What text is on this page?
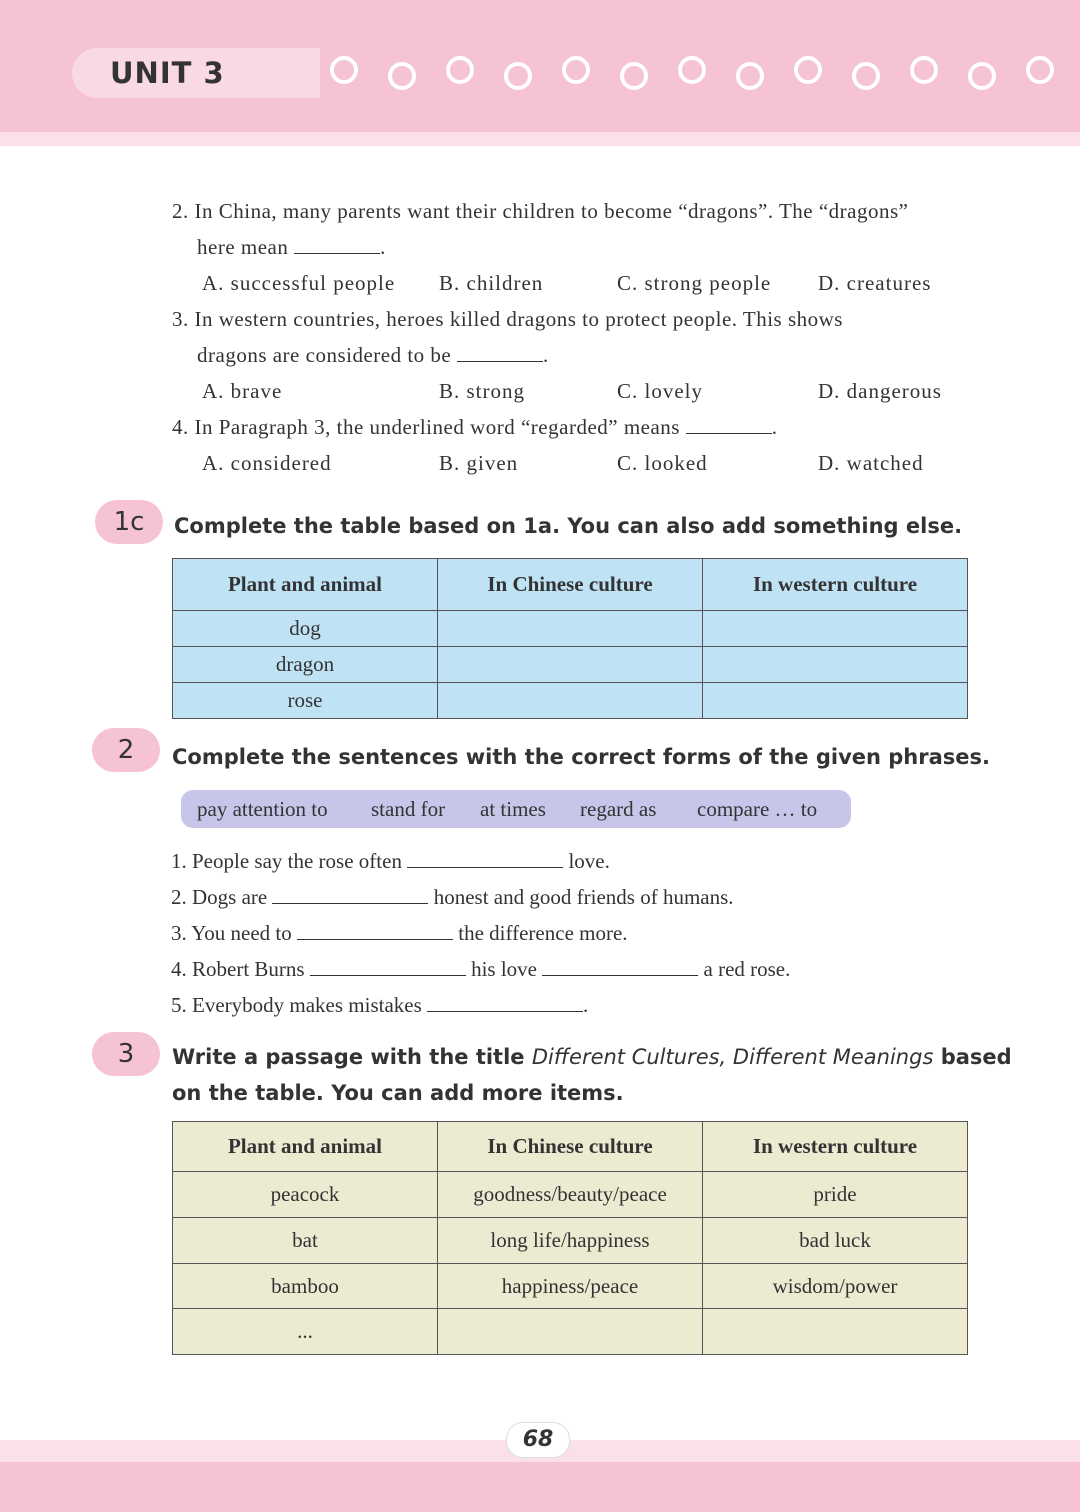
UNIT 3
2. In China, many parents want their children to become “dragons”. The “dragons”
here mean	.
A. successful people B. children	C. strong people D. creatures
3. In western countries, heroes killed dragons to protect people. This shows
dragons are considered to be	.
A. brave	B. strong	C. lovely	D. dangerous
4. In Paragraph 3, the underlined word “regarded” means	.
A. considered	B. given	C. looked	D. watched
1c	Complete the table based on 1a. You can also add something else.
Plant and animal	In Chinese culture	In western culture
dog		
dragon		
rose		
2	Complete the sentences with the correct forms of the given phrases.
pay attention to stand for at times regard as compare … to
1. People say the rose often	love.
2. Dogs are	honest and good friends of humans.
3. You need to	the difference more.
4. Robert Burns	his love	a red rose.
5. Everybody makes mistakes	.
3	Write a passage with the title Different Cultures, Different Meanings based
on the table. You can add more items.
Plant and animal	In Chinese culture	In western culture
peacock	goodness/beauty/peace	pride
bat	long life/happiness	bad luck
bamboo	happiness/peace	wisdom/power
...		
68
